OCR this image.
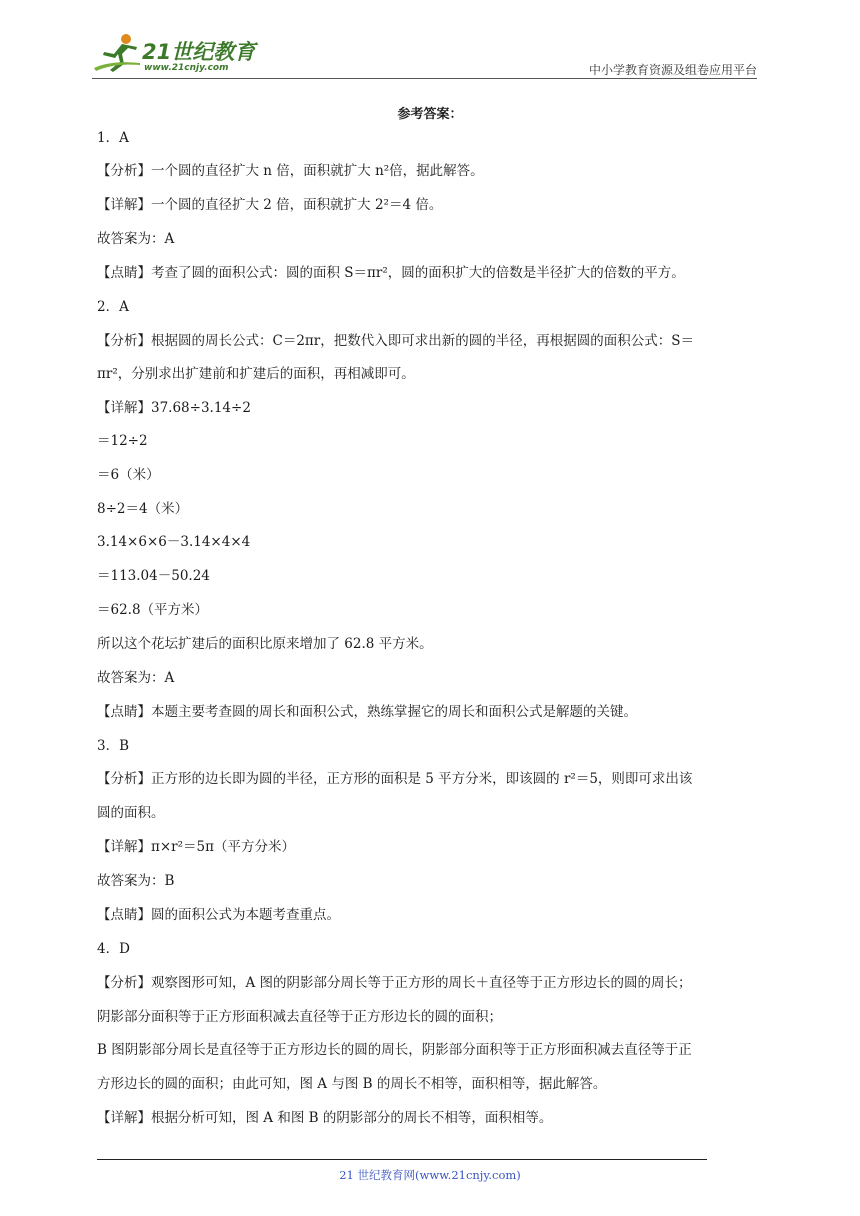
21世纪教育
www.21cnjy.com	中小学教育资源及组卷应用平台
参考答案：
1．A
【分析】一个圆的直径扩大 n 倍，面积就扩大 n²倍，据此解答。
【详解】一个圆的直径扩大 2 倍，面积就扩大 2²＝4 倍。
故答案为：A
【点睛】考查了圆的面积公式：圆的面积 S＝πr²，圆的面积扩大的倍数是半径扩大的倍数的平方。
2．A
【分析】根据圆的周长公式：C＝2πr，把数代入即可求出新的圆的半径，再根据圆的面积公式：S＝
πr²，分别求出扩建前和扩建后的面积，再相减即可。
【详解】37.68÷3.14÷2
＝12÷2
＝6（米）
8÷2＝4（米）
3.14×6×6－3.14×4×4
＝113.04－50.24
＝62.8（平方米）
所以这个花坛扩建后的面积比原来增加了 62.8 平方米。
故答案为：A
【点睛】本题主要考查圆的周长和面积公式，熟练掌握它的周长和面积公式是解题的关键。
3．B
【分析】正方形的边长即为圆的半径，正方形的面积是 5 平方分米，即该圆的 r²＝5，则即可求出该
圆的面积。
【详解】π×r²＝5π（平方分米）
故答案为：B
【点睛】圆的面积公式为本题考查重点。
4．D
【分析】观察图形可知，A 图的阴影部分周长等于正方形的周长＋直径等于正方形边长的圆的周长；
阴影部分面积等于正方形面积减去直径等于正方形边长的圆的面积；
B 图阴影部分周长是直径等于正方形边长的圆的周长，阴影部分面积等于正方形面积减去直径等于正
方形边长的圆的面积；由此可知，图 A 与图 B 的周长不相等，面积相等，据此解答。
【详解】根据分析可知，图 A 和图 B 的阴影部分的周长不相等，面积相等。
21 世纪教育网(www.21cnjy.com)
